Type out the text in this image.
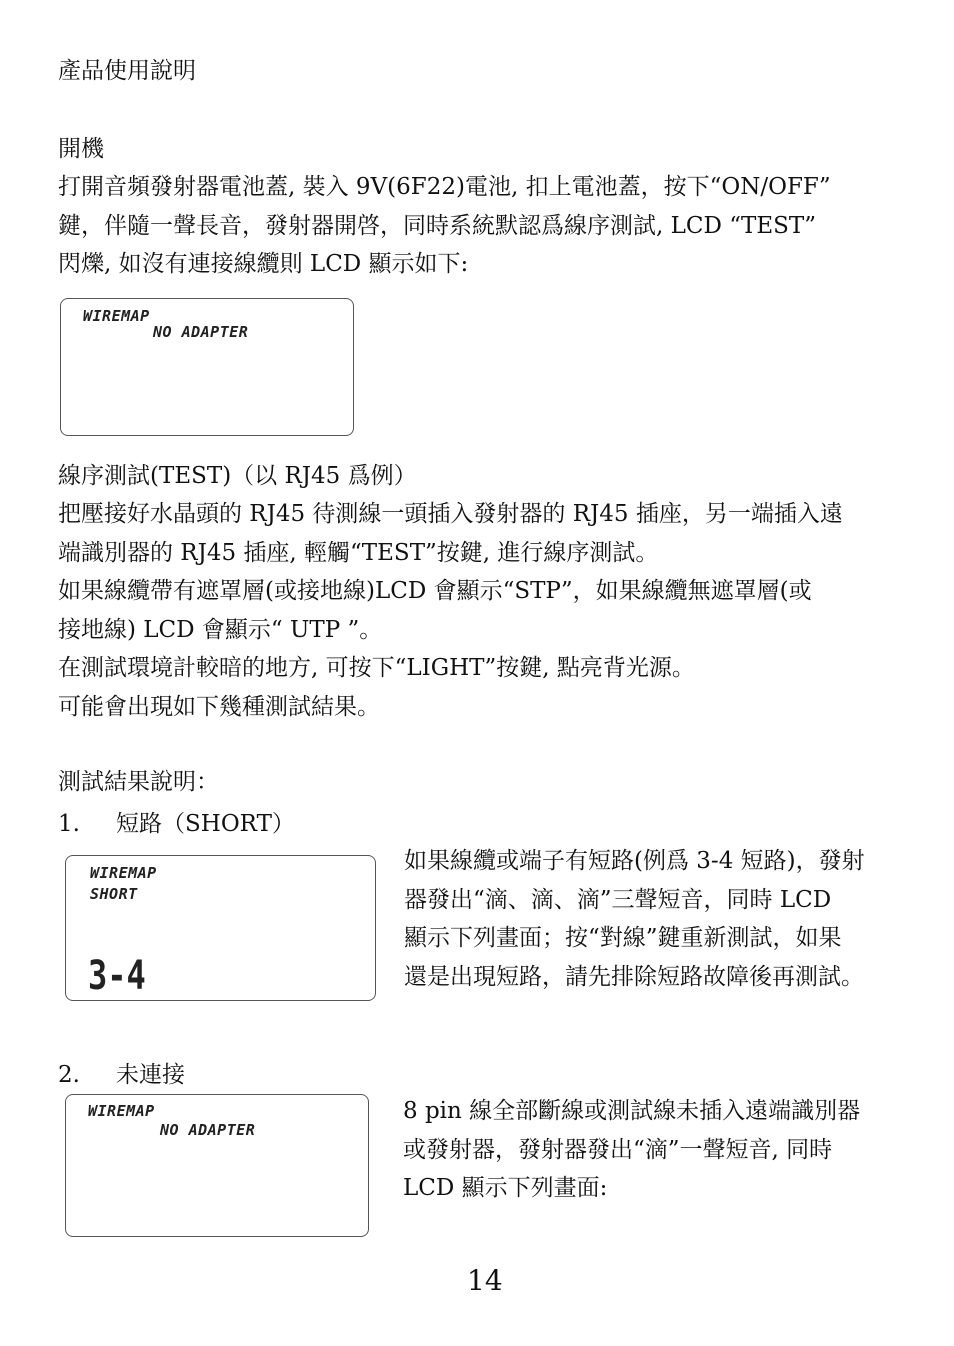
產品使用說明
開機
打開音頻發射器電池蓋, 裝入 9V(6F22)電池, 扣上電池蓋，按下“ON/OFF”
鍵，伴隨一聲長音，發射器開啓，同時系統默認爲線序測試, LCD “TEST”
閃爍, 如沒有連接線纜則 LCD 顯示如下:
WIREMAP
NO ADAPTER
線序測試(TEST)（以 RJ45 爲例）
把壓接好水晶頭的 RJ45 待測線一頭插入發射器的 RJ45 插座，另一端插入遠
端識別器的 RJ45 插座, 輕觸“TEST”按鍵, 進行線序測試。
如果線纜帶有遮罩層(或接地線)LCD 會顯示“STP”，如果線纜無遮罩層(或
接地線) LCD 會顯示“ UTP ”。
在測試環境計較暗的地方, 可按下“LIGHT”按鍵, 點亮背光源。
可能會出現如下幾種測試結果。
測試結果說明：
1. 短路（SHORT）
WIREMAP
SHORT
3-4
如果線纜或端子有短路(例爲 3-4 短路)，發射
器發出“滴、滴、滴”三聲短音，同時 LCD
顯示下列畫面；按“對線”鍵重新測試，如果
還是出現短路，請先排除短路故障後再測試。
2. 未連接
WIREMAP
NO ADAPTER
8 pin 線全部斷線或測試線未插入遠端識別器
或發射器，發射器發出“滴”一聲短音, 同時
LCD 顯示下列畫面:
14
